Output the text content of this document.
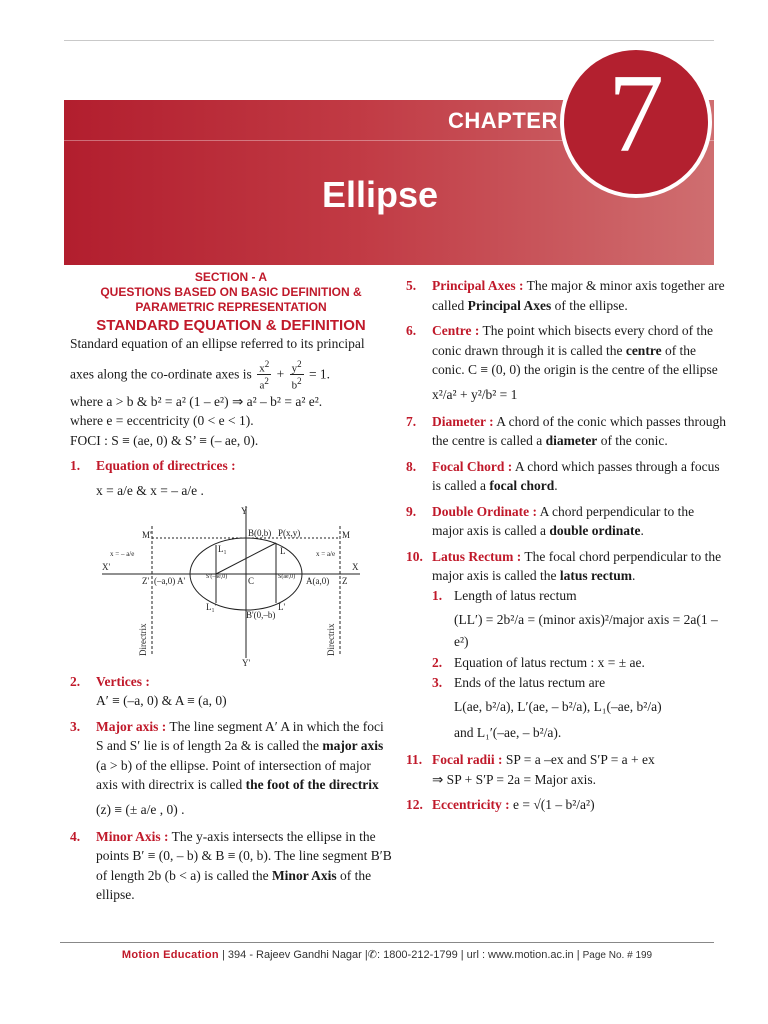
CHAPTER 7
Ellipse
SECTION - A
QUESTIONS BASED ON BASIC DEFINITION &
PARAMETRIC REPRESENTATION
STANDARD EQUATION & DEFINITION

Standard equation of an ellipse referred to its principal

axes along the co-ordinate axes is $\frac{x^2}{a^2} + \frac{y^2}{b^2} = 1$.

where a > b & b² = a² (1 – e²) ⇒ a² – b² = a² e².

where e = eccentricity (0 < e < 1).

FOCI : S ≡ (ae, 0) & S’ ≡ (– ae, 0).

1.	Equation of directrices :

x = a/e & x = – a/e .

Y
Y'
X
X'
B(0,b) P(x,y)
B'(0,–b)
(–a,0) A'	A(a,0)
C
S'(–ae,0)	S(ae,0)
L
L'
L₁
L₁'
M
M'
Z
Z'
x = a/e
x = – a/e
Directrix	Directrix
2.	Vertices :

A′ ≡ (–a, 0) & A ≡ (a, 0)

3.	Major axis : The line segment A′ A in which the foci S and S′ lie is of length 2a & is called the major axis (a > b) of the ellipse. Point of intersection of major axis with directrix is called the foot of the directrix

(z) ≡ (± a/e , 0) .

4.	Minor Axis : The y-axis intersects the ellipse in the points B′ ≡ (0, – b) & B ≡ (0, b). The line segment B′B of length 2b (b < a) is called the Minor Axis of the ellipse.
5.	Principal Axes : The major & minor axis together are called Principal Axes of the ellipse.
6.	Centre : The point which bisects every chord of the conic drawn through it is called the centre of the conic. C ≡ (0, 0) the origin is the centre of the ellipse

x²/a² + y²/b² = 1

7.	Diameter : A chord of the conic which passes through the centre is called a diameter of the conic.
8.	Focal Chord : A chord which passes through a focus is called a focal chord.
9.	Double Ordinate : A chord perpendicular to the major axis is called a double ordinate.
10. Latus Rectum : The focal chord perpendicular to the major axis is called the latus rectum.
1. Length of latus rectum

(LL′) = 2b²/a = (minor axis)²/major axis = 2a(1 – e²)

2. Equation of latus rectum : x = ± ae.
3. Ends of the latus rectum are

L(ae, b²/a), L′(ae, – b²/a), L₁(–ae, b²/a)

and L₁′(–ae, – b²/a).

11. Focal radii : SP = a –ex and S′P = a + ex

⇒ SP + S′P = 2a = Major axis.

12. Eccentricity : e = √(1 – b²/a²)
Motion Education | 394 - Rajeev Gandhi Nagar |✆: 1800-212-1799 | url : www.motion.ac.in | Page No. # 199
